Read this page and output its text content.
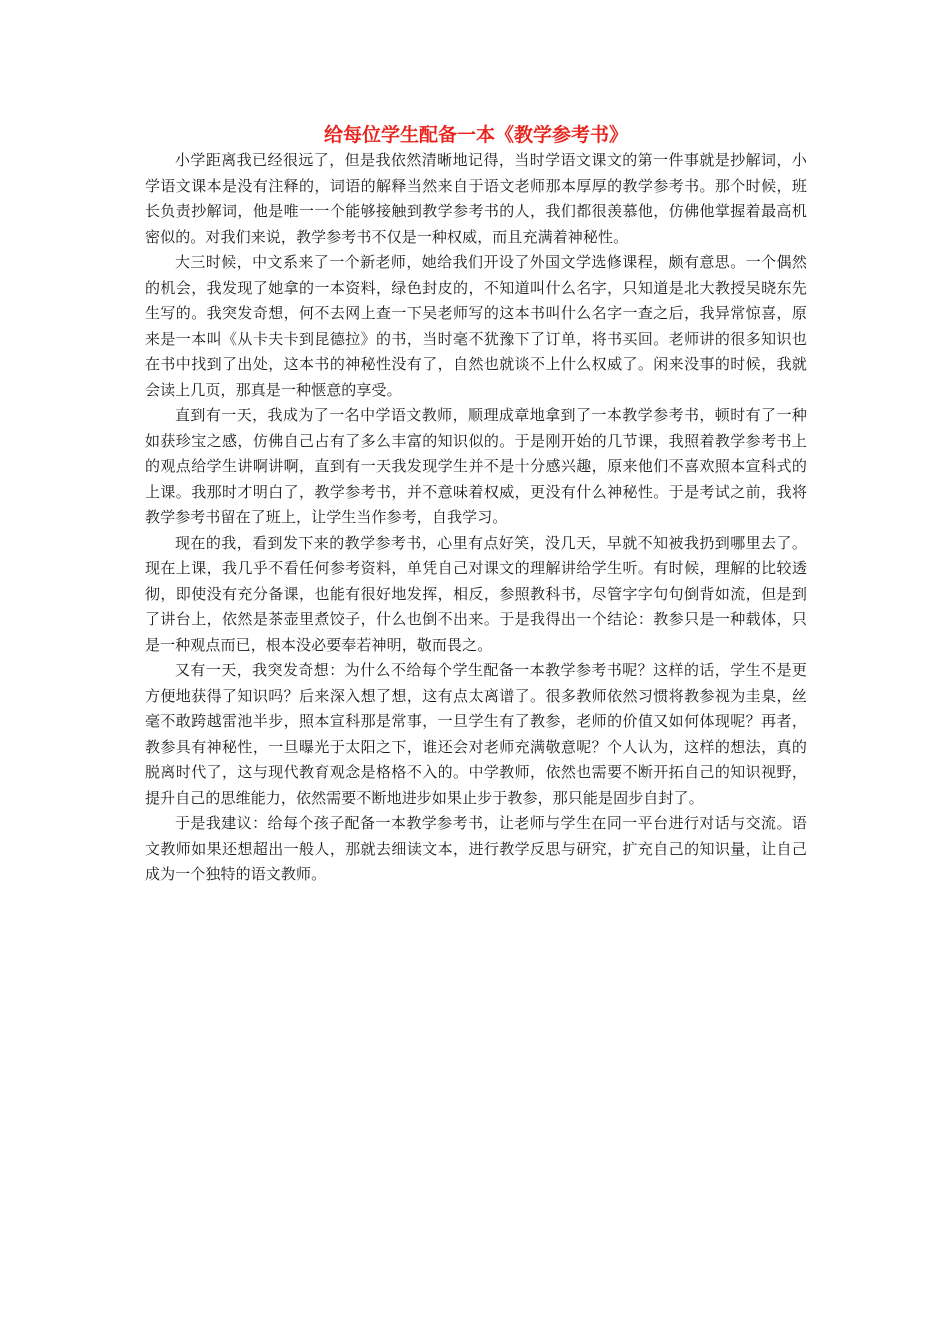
给每位学生配备一本《教学参考书》

小学距离我已经很远了，但是我依然清晰地记得，当时学语文课文的第一件事就是抄解词，小学语文课本是没有注释的，词语的解释当然来自于语文老师那本厚厚的教学参考书。那个时候，班长负责抄解词，他是唯一一个能够接触到教学参考书的人，我们都很羡慕他，仿佛他掌握着最高机密似的。对我们来说，教学参考书不仅是一种权威，而且充满着神秘性。

大三时候，中文系来了一个新老师，她给我们开设了外国文学选修课程，颇有意思。一个偶然的机会，我发现了她拿的一本资料，绿色封皮的，不知道叫什么名字，只知道是北大教授吴晓东先生写的。我突发奇想，何不去网上查一下吴老师写的这本书叫什么名字一查之后，我异常惊喜，原来是一本叫《从卡夫卡到昆德拉》的书，当时毫不犹豫下了订单，将书买回。老师讲的很多知识也在书中找到了出处，这本书的神秘性没有了，自然也就谈不上什么权威了。闲来没事的时候，我就会读上几页，那真是一种惬意的享受。

直到有一天，我成为了一名中学语文教师，顺理成章地拿到了一本教学参考书，顿时有了一种如获珍宝之感，仿佛自己占有了多么丰富的知识似的。于是刚开始的几节课，我照着教学参考书上的观点给学生讲啊讲啊，直到有一天我发现学生并不是十分感兴趣，原来他们不喜欢照本宣科式的上课。我那时才明白了，教学参考书，并不意味着权威，更没有什么神秘性。于是考试之前，我将教学参考书留在了班上，让学生当作参考，自我学习。

现在的我，看到发下来的教学参考书，心里有点好笑，没几天，早就不知被我扔到哪里去了。现在上课，我几乎不看任何参考资料，单凭自己对课文的理解讲给学生听。有时候，理解的比较透彻，即使没有充分备课，也能有很好地发挥，相反，参照教科书，尽管字字句句倒背如流，但是到了讲台上，依然是茶壶里煮饺子，什么也倒不出来。于是我得出一个结论：教参只是一种载体，只是一种观点而已，根本没必要奉若神明，敬而畏之。

又有一天，我突发奇想：为什么不给每个学生配备一本教学参考书呢？这样的话，学生不是更方便地获得了知识吗？后来深入想了想，这有点太离谱了。很多教师依然习惯将教参视为圭臬，丝毫不敢跨越雷池半步，照本宣科那是常事，一旦学生有了教参，老师的价值又如何体现呢？再者，教参具有神秘性，一旦曝光于太阳之下，谁还会对老师充满敬意呢？个人认为，这样的想法，真的脱离时代了，这与现代教育观念是格格不入的。中学教师，依然也需要不断开拓自己的知识视野，提升自己的思维能力，依然需要不断地进步如果止步于教参，那只能是固步自封了。

于是我建议：给每个孩子配备一本教学参考书，让老师与学生在同一平台进行对话与交流。语文教师如果还想超出一般人，那就去细读文本，进行教学反思与研究，扩充自己的知识量，让自己成为一个独特的语文教师。
